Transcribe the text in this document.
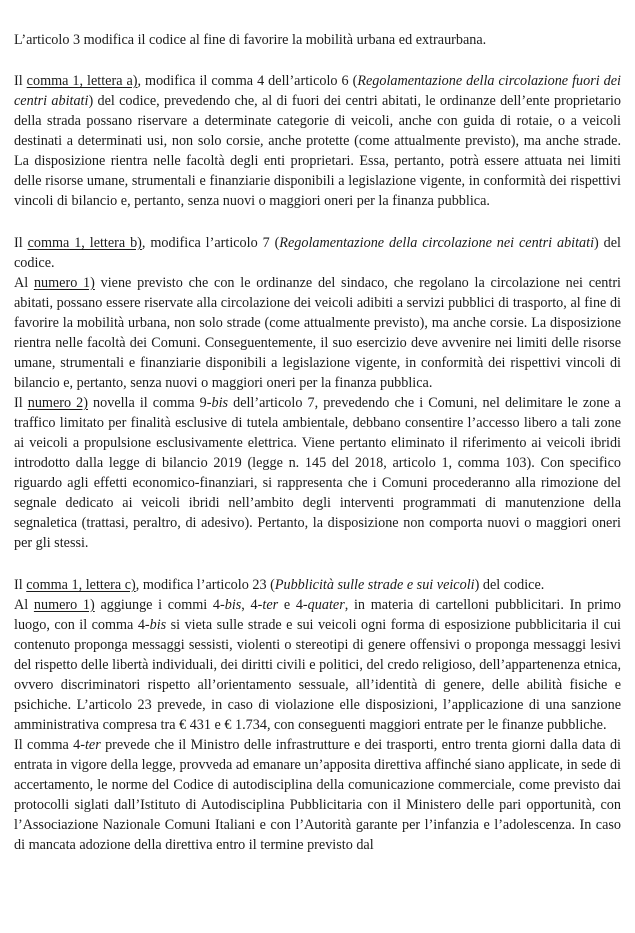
L’articolo 3 modifica il codice al fine di favorire la mobilità urbana ed extraurbana.

Il comma 1, lettera a), modifica il comma 4 dell’articolo 6 (Regolamentazione della circolazione fuori dei centri abitati) del codice, prevedendo che, al di fuori dei centri abitati, le ordinanze dell’ente proprietario della strada possano riservare a determinate categorie di veicoli, anche con guida di rotaie, o a veicoli destinati a determinati usi, non solo corsie, anche protette (come attualmente previsto), ma anche strade. La disposizione rientra nelle facoltà degli enti proprietari. Essa, pertanto, potrà essere attuata nei limiti delle risorse umane, strumentali e finanziarie disponibili a legislazione vigente, in conformità dei rispettivi vincoli di bilancio e, pertanto, senza nuovi o maggiori oneri per la finanza pubblica.

Il comma 1, lettera b), modifica l’articolo 7 (Regolamentazione della circolazione nei centri abitati) del codice.

Al numero 1) viene previsto che con le ordinanze del sindaco, che regolano la circolazione nei centri abitati, possano essere riservate alla circolazione dei veicoli adibiti a servizi pubblici di trasporto, al fine di favorire la mobilità urbana, non solo strade (come attualmente previsto), ma anche corsie. La disposizione rientra nelle facoltà dei Comuni. Conseguentemente, il suo esercizio deve avvenire nei limiti delle risorse umane, strumentali e finanziarie disponibili a legislazione vigente, in conformità dei rispettivi vincoli di bilancio e, pertanto, senza nuovi o maggiori oneri per la finanza pubblica.

Il numero 2) novella il comma 9-bis dell’articolo 7, prevedendo che i Comuni, nel delimitare le zone a traffico limitato per finalità esclusive di tutela ambientale, debbano consentire l’accesso libero a tali zone ai veicoli a propulsione esclusivamente elettrica. Viene pertanto eliminato il riferimento ai veicoli ibridi introdotto dalla legge di bilancio 2019 (legge n. 145 del 2018, articolo 1, comma 103). Con specifico riguardo agli effetti economico-finanziari, si rappresenta che i Comuni procederanno alla rimozione del segnale dedicato ai veicoli ibridi nell’ambito degli interventi programmati di manutenzione della segnaletica (trattasi, peraltro, di adesivo). Pertanto, la disposizione non comporta nuovi o maggiori oneri per gli stessi.

Il comma 1, lettera c), modifica l’articolo 23 (Pubblicità sulle strade e sui veicoli) del codice.

Al numero 1) aggiunge i commi 4-bis, 4-ter e 4-quater, in materia di cartelloni pubblicitari. In primo luogo, con il comma 4-bis si vieta sulle strade e sui veicoli ogni forma di esposizione pubblicitaria il cui contenuto proponga messaggi sessisti, violenti o stereotipi di genere offensivi o proponga messaggi lesivi del rispetto delle libertà individuali, dei diritti civili e politici, del credo religioso, dell’appartenenza etnica, ovvero discriminatori rispetto all’orientamento sessuale, all’identità di genere, delle abilità fisiche e psichiche. L’articolo 23 prevede, in caso di violazione elle disposizioni, l’applicazione di una sanzione amministrativa compresa tra € 431 e € 1.734, con conseguenti maggiori entrate per le finanze pubbliche.

Il comma 4-ter prevede che il Ministro delle infrastrutture e dei trasporti, entro trenta giorni dalla data di entrata in vigore della legge, provveda ad emanare un’apposita direttiva affinché siano applicate, in sede di accertamento, le norme del Codice di autodisciplina della comunicazione commerciale, come previsto dai protocolli siglati dall’Istituto di Autodisciplina Pubblicitaria con il Ministero delle pari opportunità, con l’Associazione Nazionale Comuni Italiani e con l’Autorità garante per l’infanzia e l’adolescenza. In caso di mancata adozione della direttiva entro il termine previsto dal
